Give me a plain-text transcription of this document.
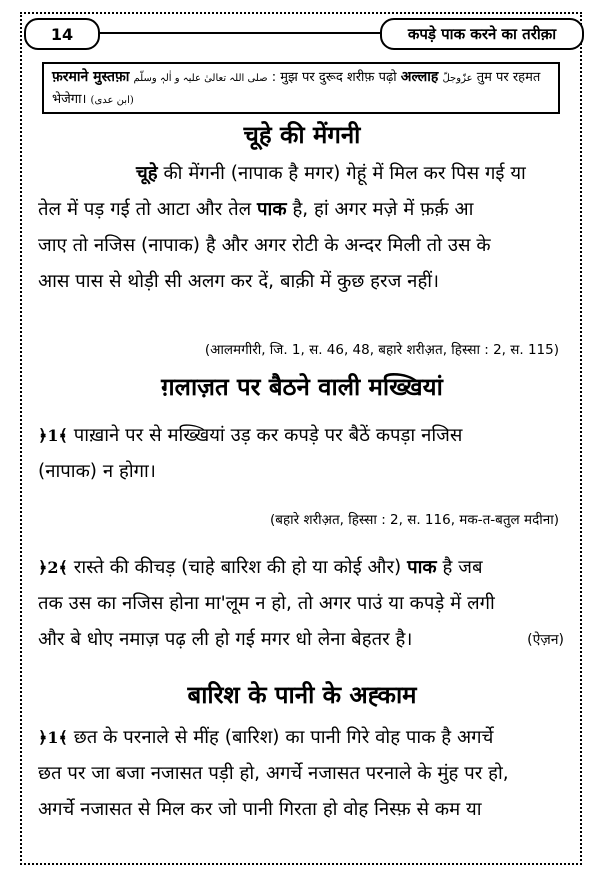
14	कपड़े पाक करने का तरीक़ा
फ़रमाने मुस्तफ़ा صلی اللہ تعالیٰ علیہ و اٰلہٖ وسلّم : मुझ पर दुरूद शरीफ़ पढ़ो अल्लाह عزّوجلّ तुम पर रहमत
भेजेगा। (ابن عدی)
चूहे की मेंगनी
चूहे की मेंगनी (नापाक है मगर) गेहूं में मिल कर पिस गई या
तेल में पड़ गई तो आटा और तेल पाक है, हां अगर मज़े में फ़र्क़ आ
जाए तो नजिस (नापाक) है और अगर रोटी के अन्दर मिली तो उस के
आस पास से थोड़ी सी अलग कर दें, बाक़ी में कुछ हरज नहीं।
(आलमगीरी, जि. 1, स. 46, 48, बहारे शरीअ़त, हिस्सा : 2, स. 115)
ग़लाज़त पर बैठने वाली मख्खियां
﴿1﴾ पाख़ाने पर से मख्खियां उड़ कर कपड़े पर बैठें कपड़ा नजिस
(नापाक) न होगा।
(बहारे शरीअ़त, हिस्सा : 2, स. 116, मक-त-बतुल मदीना)
﴿2﴾ रास्ते की कीचड़ (चाहे बारिश की हो या कोई और) पाक है जब
तक उस का नजिस होना मा'लूम न हो, तो अगर पाउं या कपड़े में लगी
और बे धोए नमाज़ पढ़ ली हो गई मगर धो लेना बेहतर है।	(ऐज़न)
बारिश के पानी के अह्काम
﴿1﴾ छत के परनाले से मींह (बारिश) का पानी गिरे वोह पाक है अगर्चे
छत पर जा बजा नजासत पड़ी हो, अगर्चे नजासत परनाले के मुंह पर हो,
अगर्चे नजासत से मिल कर जो पानी गिरता हो वोह निस्फ़ से कम या
